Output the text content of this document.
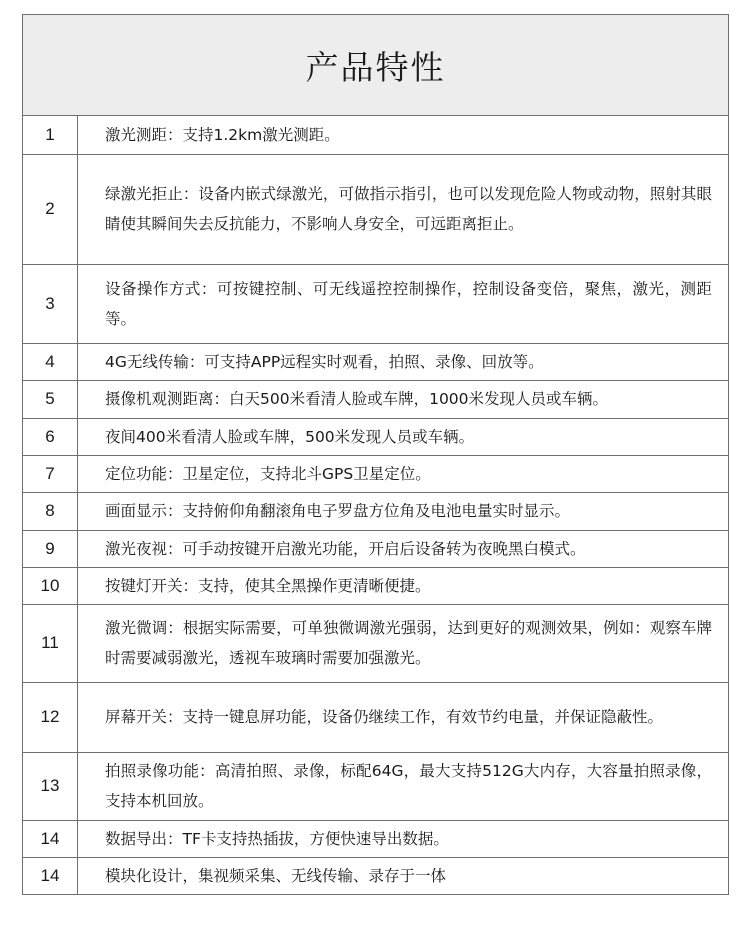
产品特性
1	激光测距：支持1.2km激光测距。
2	绿激光拒止：设备内嵌式绿激光，可做指示指引，也可以发现危险人物或动物，照射其眼睛使其瞬间失去反抗能力，不影响人身安全，可远距离拒止。
3	设备操作方式：可按键控制、可无线遥控控制操作，控制设备变倍，聚焦，激光，测距等。
4	4G无线传输：可支持APP远程实时观看，拍照、录像、回放等。
5	摄像机观测距离：白天500米看清人脸或车牌，1000米发现人员或车辆。
6	夜间400米看清人脸或车牌，500米发现人员或车辆。
7	定位功能：卫星定位，支持北斗GPS卫星定位。
8	画面显示：支持俯仰角翻滚角电子罗盘方位角及电池电量实时显示。
9	激光夜视：可手动按键开启激光功能，开启后设备转为夜晚黑白模式。
10	按键灯开关：支持，使其全黑操作更清晰便捷。
11	激光微调：根据实际需要，可单独微调激光强弱，达到更好的观测效果，例如：观察车牌时需要减弱激光，透视车玻璃时需要加强激光。
12	屏幕开关：支持一键息屏功能，设备仍继续工作，有效节约电量，并保证隐蔽性。
13	拍照录像功能：高清拍照、录像，标配64G，最大支持512G大内存，大容量拍照录像，支持本机回放。
14	数据导出：TF卡支持热插拔，方便快速导出数据。
14	模块化设计，集视频采集、无线传输、录存于一体
